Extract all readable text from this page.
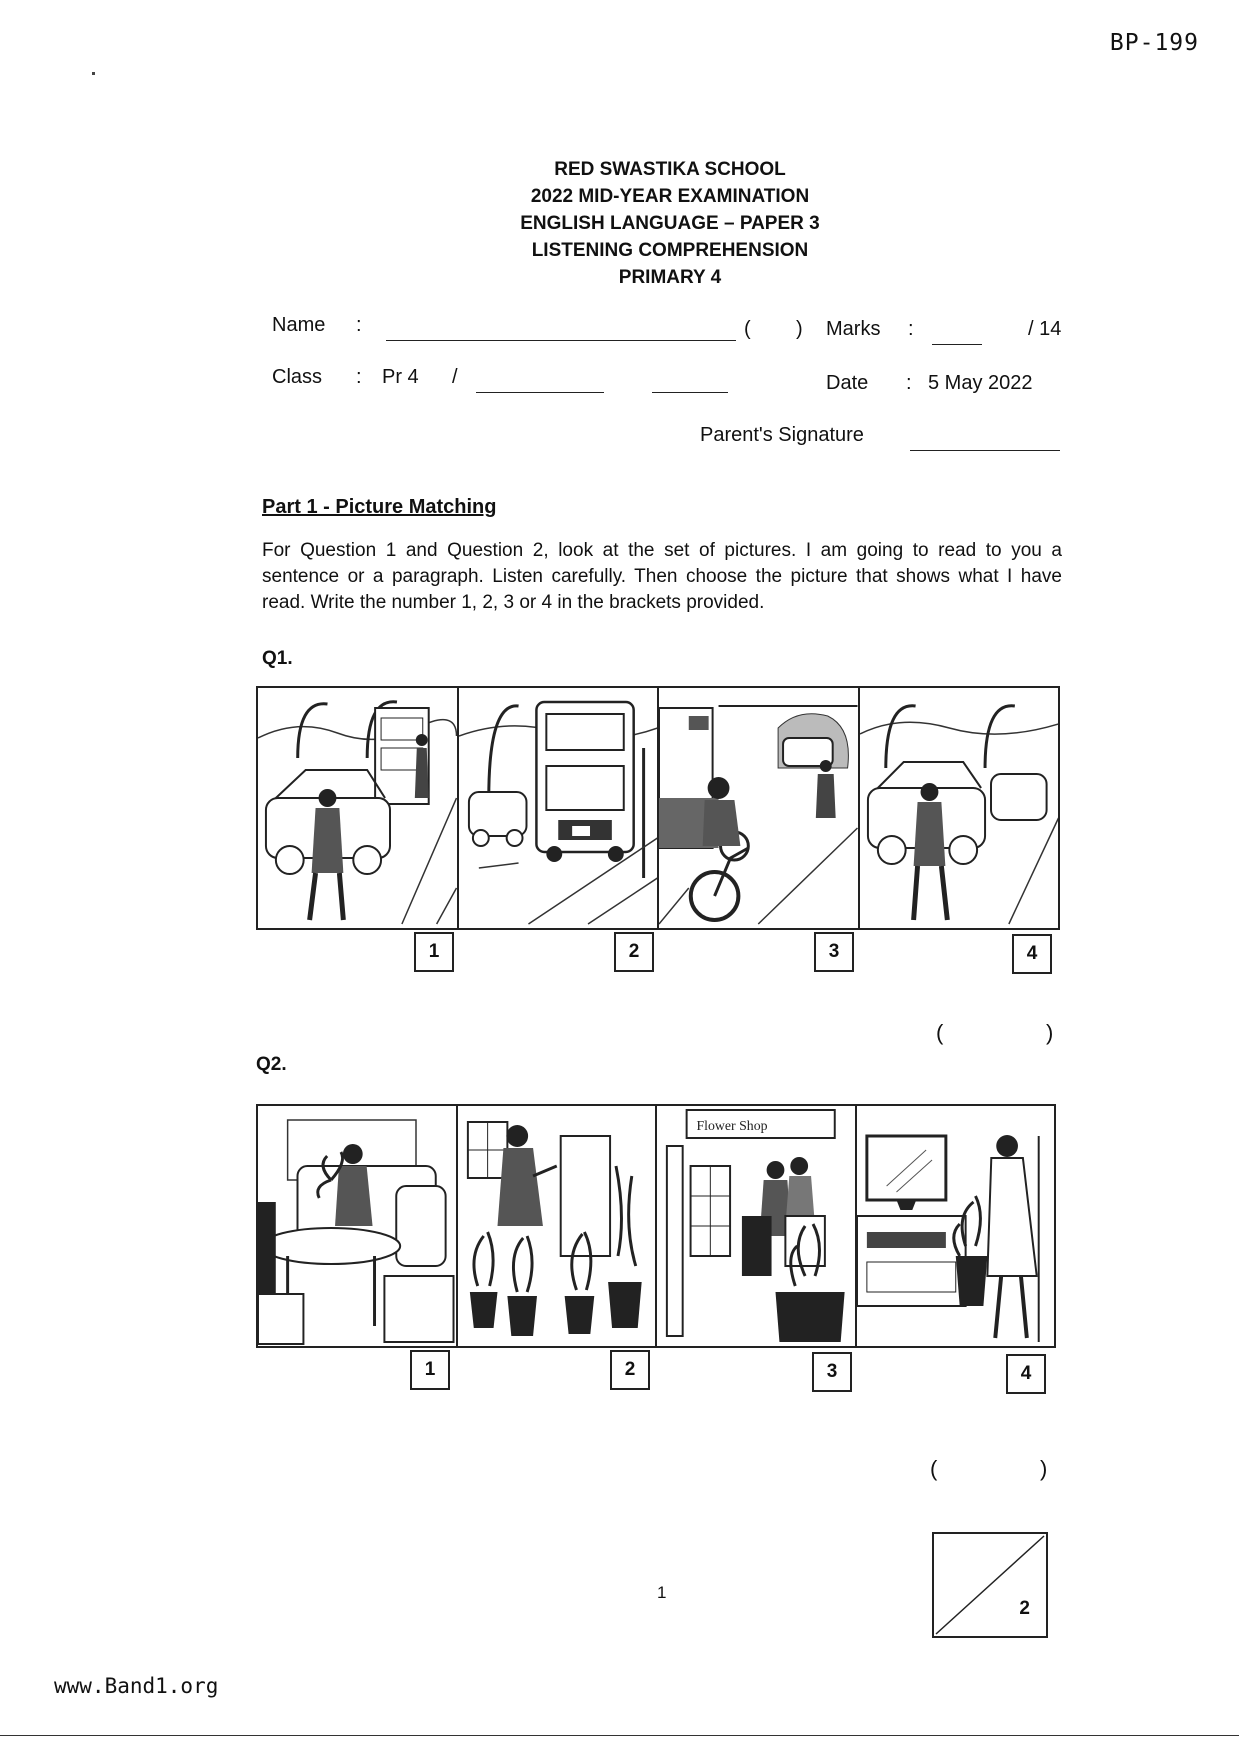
BP-199
RED SWASTIKA SCHOOL
2022 MID-YEAR EXAMINATION
ENGLISH LANGUAGE – PAPER 3
LISTENING COMPREHENSION
PRIMARY 4
Name :	( ) Marks :	/ 14
Class : Pr 4 /	Date : 5 May 2022
Parent's Signature
Part 1 - Picture Matching
For Question 1 and Question 2, look at the set of pictures. I am going to read to you a sentence or a paragraph. Listen carefully. Then choose the picture that shows what I have read. Write the number 1, 2, 3 or 4 in the brackets provided.
Q1.
1	2	3	4
(	)
Q2.
Flower Shop
1	2	3	4
(	)
2
1
www.Band1.org
